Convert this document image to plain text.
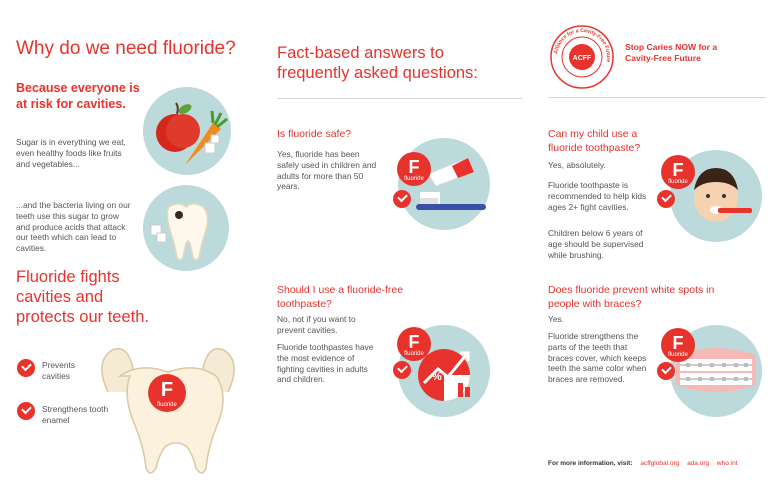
Why do we need fluoride?
Because everyone is at risk for cavities.
Sugar is in everything we eat, even healthy foods like fruits and vegetables...
...and the bacteria living on our teeth use this sugar to grow and produce acids that attack our teeth which can lead to cavities.
Fluoride fights cavities and protects our teeth.
Prevents cavities
Strengthens tooth enamel
F
fluoride
Fact-based answers to frequently asked questions:
Is fluoride safe?
Yes, fluoride has been safely used in children and adults for more than 50 years.
F
fluoride
Should I use a fluoride-free toothpaste?
No, not if you want to prevent cavities.
Fluoride toothpastes have the most evidence of fighting cavities in adults and children.	%
F
fluoride
Alliance for a Cavity-Free Future
ACFF
Stop Caries NOW for a Cavity-Free Future
Can my child use a fluoride toothpaste?
Yes, absolutely.
Fluoride toothpaste is recommended to help kids ages 2+ fight cavities.
Children below 6 years of age should be supervised while brushing.
F
fluoride
Does fluoride prevent white spots in people with braces?
Yes.
Fluoride strengthens the parts of the teeth that braces cover, which keeps teeth the same color when braces are removed.
F
fluoride
For more information, visit: acffglobal.org ada.org who.int
